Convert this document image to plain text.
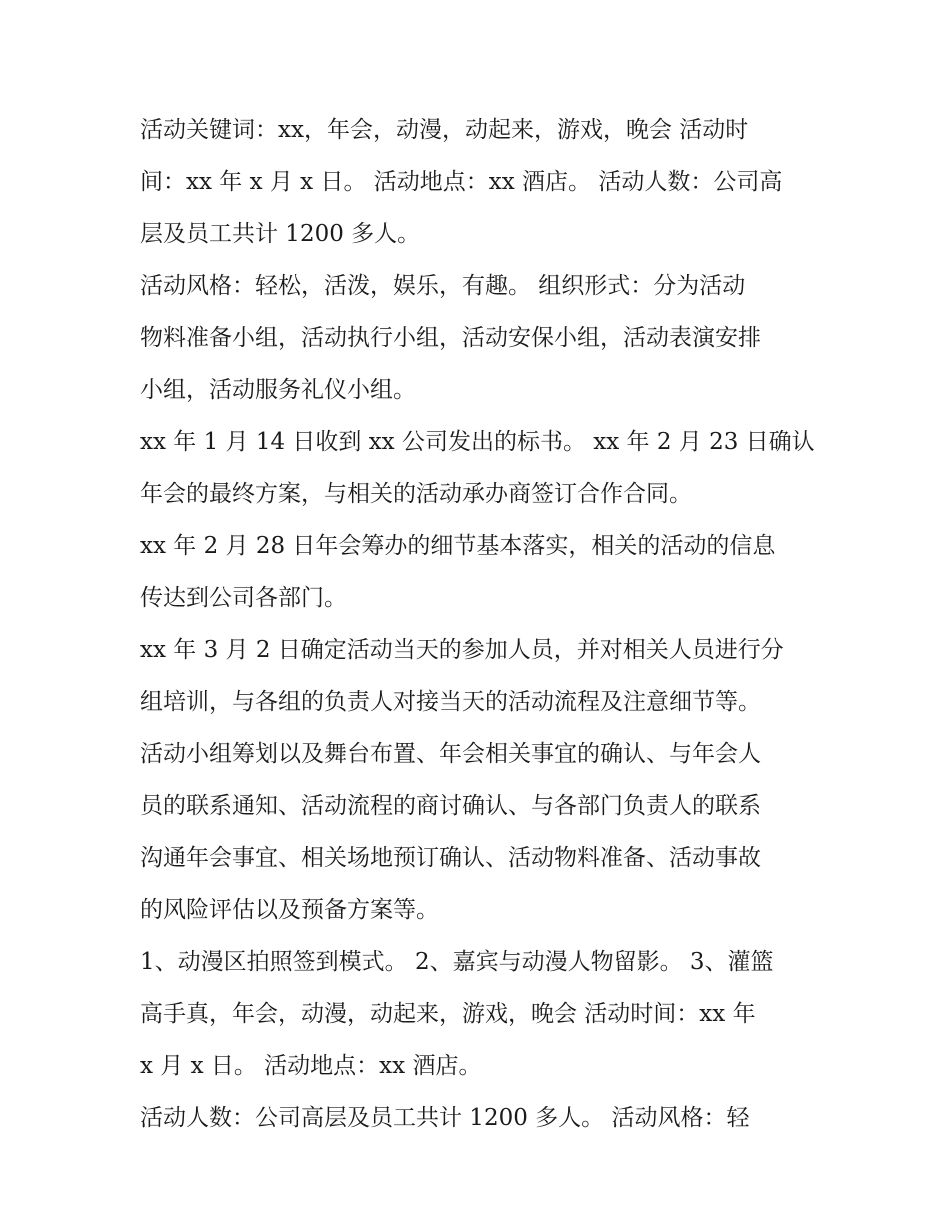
活动关键词：xx，年会，动漫，动起来，游戏，晚会 活动时
间：xx 年 x 月 x 日。 活动地点：xx 酒店。 活动人数：公司高
层及员工共计 1200 多人。
活动风格：轻松，活泼，娱乐，有趣。 组织形式：分为活动
物料准备小组，活动执行小组，活动安保小组，活动表演安排
小组，活动服务礼仪小组。
xx 年 1 月 14 日收到 xx 公司发出的标书。 xx 年 2 月 23 日确认
年会的最终方案，与相关的活动承办商签订合作合同。
xx 年 2 月 28 日年会筹办的细节基本落实，相关的活动的信息
传达到公司各部门。
xx 年 3 月 2 日确定活动当天的参加人员，并对相关人员进行分
组培训，与各组的负责人对接当天的活动流程及注意细节等。
活动小组筹划以及舞台布置、年会相关事宜的确认、与年会人
员的联系通知、活动流程的商讨确认、与各部门负责人的联系
沟通年会事宜、相关场地预订确认、活动物料准备、活动事故
的风险评估以及预备方案等。
1、动漫区拍照签到模式。 2、嘉宾与动漫人物留影。 3、灌篮
高手真，年会，动漫，动起来，游戏，晚会 活动时间：xx 年
x 月 x 日。 活动地点：xx 酒店。
活动人数：公司高层及员工共计 1200 多人。 活动风格：轻
